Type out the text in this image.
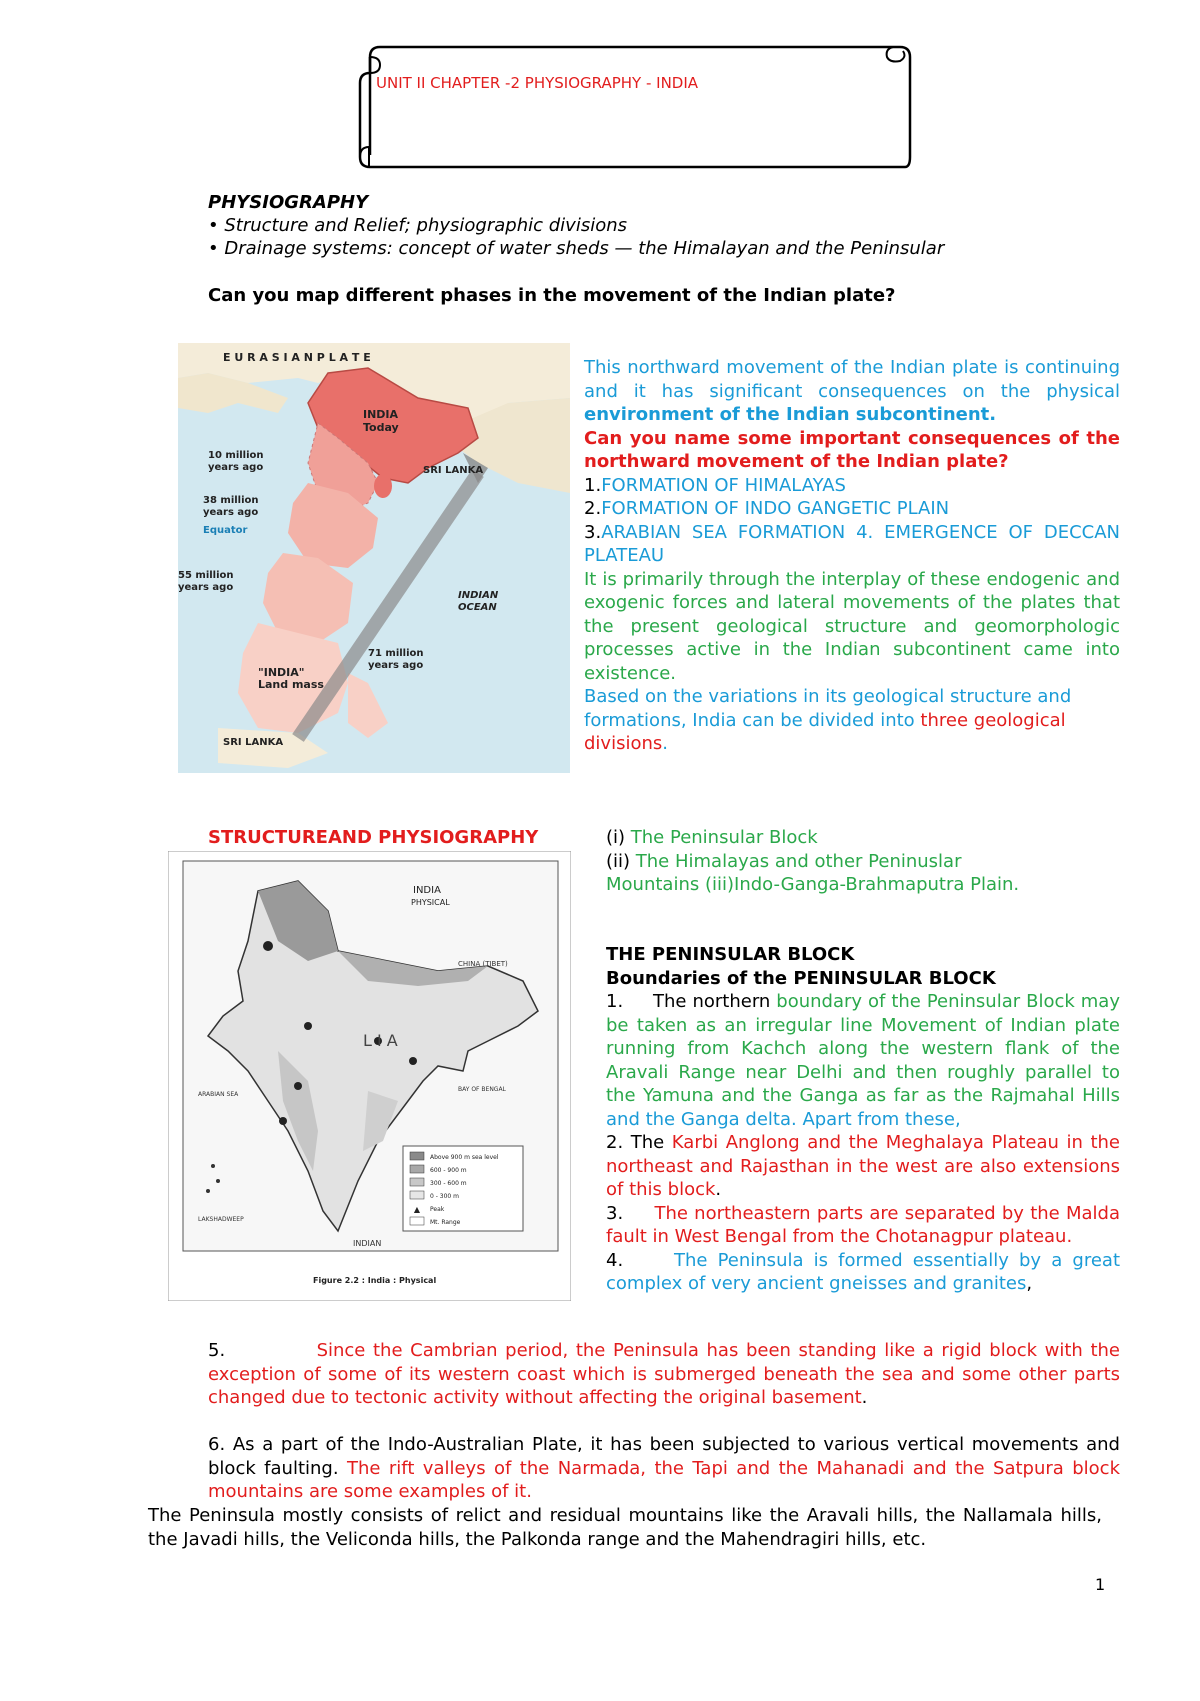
UNIT II CHAPTER -2 PHYSIOGRAPHY - INDIA
PHYSIOGRAPHY
• Structure and Relief; physiographic divisions
• Drainage systems: concept of water sheds — the Himalayan and the Peninsular
Can you map different phases in the movement of the Indian plate?
E U R A S I A N P L A T E
INDIA
Today
10 million
years ago
38 million
years ago
Equator
55 million
years ago
SRI LANKA
INDIAN
OCEAN
71 million
years ago
"INDIA"
Land mass
SRI LANKA
This northward movement of the Indian plate is continuing and it has significant consequences on the physical environment of the Indian subcontinent.
Can you name some important consequences of the northward movement of the Indian plate?
1.FORMATION OF HIMALAYAS
2.FORMATION OF INDO GANGETIC PLAIN
3.ARABIAN SEA FORMATION 4. EMERGENCE OF DECCAN PLATEAU
It is primarily through the interplay of these endogenic and exogenic forces and lateral movements of the plates that the present geological structure and geomorphologic processes active in the Indian subcontinent came into existence.
Based on the variations in its geological structure and formations, India can be divided into three geological divisions.
STRUCTUREAND PHYSIOGRAPHY
INDIA
PHYSICAL
CHINA (TIBET)
L I A
ARABIAN SEA
BAY OF BENGAL
LAKSHADWEEP
INDIAN
▲
Above 900 m sea level
600 - 900 m
300 - 600 m
0 - 300 m
Peak
Mt. Range
Figure 2.2 : India : Physical
(i) The Peninsular Block
(ii) The Himalayas and other Peninuslar Mountains (iii)Indo-Ganga-Brahmaputra Plain.
THE PENINSULAR BLOCK
Boundaries of the PENINSULAR BLOCK
1. The northern boundary of the Peninsular Block may be taken as an irregular line Movement of Indian plate running from Kachch along the western flank of the Aravali Range near Delhi and then roughly parallel to the Yamuna and the Ganga as far as the Rajmahal Hills and the Ganga delta. Apart from these,
2. The Karbi Anglong and the Meghalaya Plateau in the northeast and Rajasthan in the west are also extensions of this block.
3. The northeastern parts are separated by the Malda fault in West Bengal from the Chotanagpur plateau.
4.	The Peninsula is formed essentially by a great complex of very ancient gneisses and granites,
5.	Since the Cambrian period, the Peninsula has been standing like a rigid block with the exception of some of its western coast which is submerged beneath the sea and some other parts changed due to tectonic activity without affecting the original basement.
6. As a part of the Indo-Australian Plate, it has been subjected to various vertical movements and block faulting. The rift valleys of the Narmada, the Tapi and the Mahanadi and the Satpura block mountains are some examples of it.
The Peninsula mostly consists of relict and residual mountains like the Aravali hills, the Nallamala hills, the Javadi hills, the Veliconda hills, the Palkonda range and the Mahendragiri hills, etc.
1
